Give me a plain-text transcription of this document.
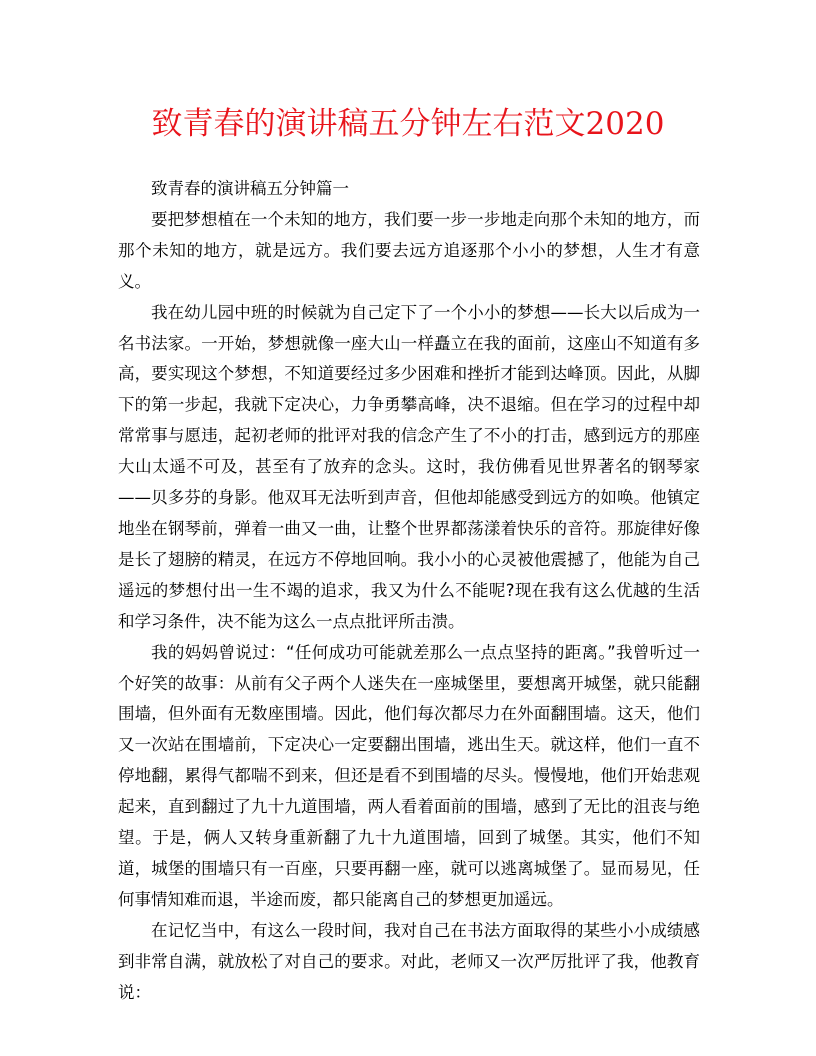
致青春的演讲稿五分钟左右范文2020

致青春的演讲稿五分钟篇一

要把梦想植在一个未知的地方，我们要一步一步地走向那个未知的地方，而那个未知的地方，就是远方。我们要去远方追逐那个小小的梦想，人生才有意义。

我在幼儿园中班的时候就为自己定下了一个小小的梦想——长大以后成为一名书法家。一开始，梦想就像一座大山一样矗立在我的面前，这座山不知道有多高，要实现这个梦想，不知道要经过多少困难和挫折才能到达峰顶。因此，从脚下的第一步起，我就下定决心，力争勇攀高峰，决不退缩。但在学习的过程中却常常事与愿违，起初老师的批评对我的信念产生了不小的打击，感到远方的那座大山太遥不可及，甚至有了放弃的念头。这时，我仿佛看见世界著名的钢琴家——贝多芬的身影。他双耳无法听到声音，但他却能感受到远方的如唤。他镇定地坐在钢琴前，弹着一曲又一曲，让整个世界都荡漾着快乐的音符。那旋律好像是长了翅膀的精灵，在远方不停地回响。我小小的心灵被他震撼了，他能为自己遥远的梦想付出一生不竭的追求，我又为什么不能呢?现在我有这么优越的生活和学习条件，决不能为这么一点点批评所击溃。

我的妈妈曾说过：“任何成功可能就差那么一点点坚持的距离。”我曾听过一个好笑的故事：从前有父子两个人迷失在一座城堡里，要想离开城堡，就只能翻围墙，但外面有无数座围墙。因此，他们每次都尽力在外面翻围墙。这天，他们又一次站在围墙前，下定决心一定要翻出围墙，逃出生天。就这样，他们一直不停地翻，累得气都喘不到来，但还是看不到围墙的尽头。慢慢地，他们开始悲观起来，直到翻过了九十九道围墙，两人看着面前的围墙，感到了无比的沮丧与绝望。于是，俩人又转身重新翻了九十九道围墙，回到了城堡。其实，他们不知道，城堡的围墙只有一百座，只要再翻一座，就可以逃离城堡了。显而易见，任何事情知难而退，半途而废，都只能离自己的梦想更加遥远。

在记忆当中，有这么一段时间，我对自己在书法方面取得的某些小小成绩感到非常自满，就放松了对自己的要求。对此，老师又一次严厉批评了我，他教育说：
